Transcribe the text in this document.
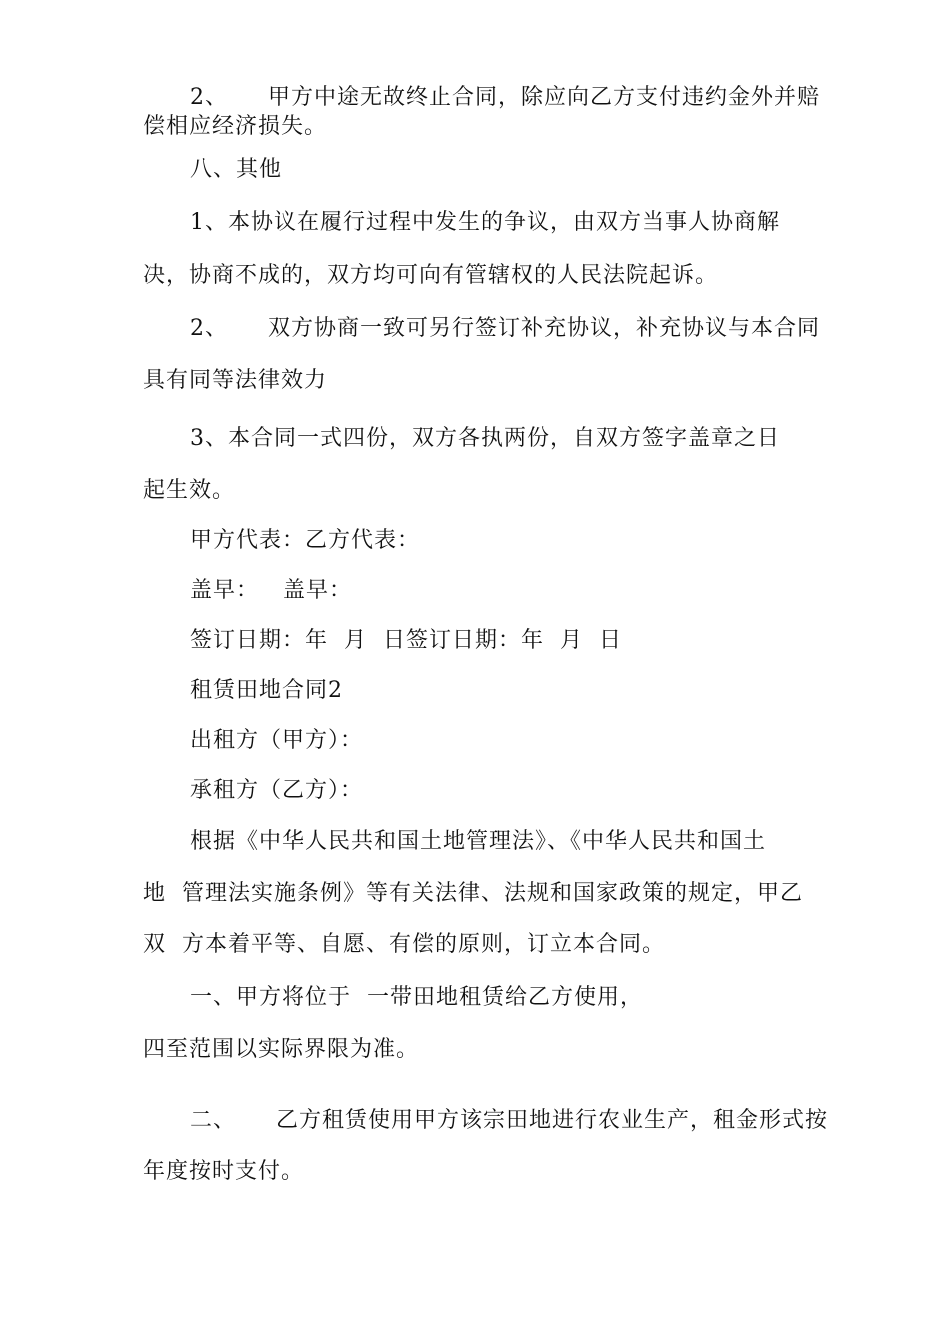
2、     甲方中途无故终止合同，除应向乙方支付违约金外并赔
偿相应经济损失。
八、其他
1、本协议在履行过程中发生的争议，由双方当事人协商解
决，协商不成的，双方均可向有管辖权的人民法院起诉。
2、     双方协商一致可另行签订补充协议，补充协议与本合同
具有同等法律效力
3、本合同一式四份，双方各执两份，自双方签字盖章之日
起生效。
甲方代表：乙方代表：
盖早：   盖早：
签订日期：年  月  日签订日期：年  月  日
租赁田地合同2
出租方（甲方）：
承租方（乙方）：
根据《中华人民共和国土地管理法》、《中华人民共和国土
地  管理法实施条例》等有关法律、法规和国家政策的规定，甲乙
双  方本着平等、自愿、有偿的原则，订立本合同。
一、甲方将位于  一带田地租赁给乙方使用，
四至范围以实际界限为准。
二、     乙方租赁使用甲方该宗田地进行农业生产，租金形式按
年度按时支付。
